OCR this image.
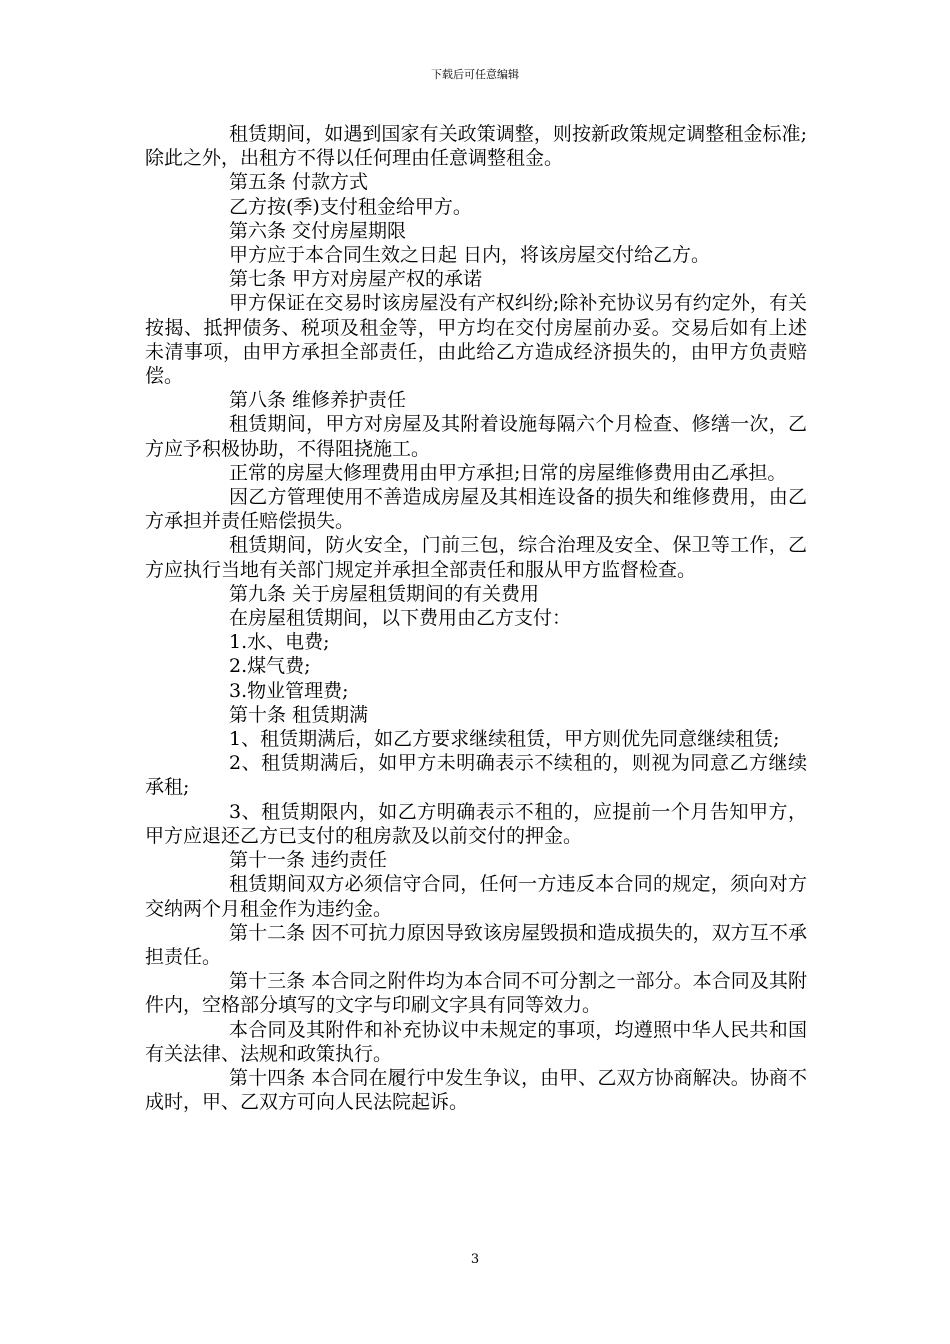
下载后可任意编辑

租赁期间，如遇到国家有关政策调整，则按新政策规定调整租金标准;除此之外，出租方不得以任何理由任意调整租金。

第五条 付款方式

乙方按(季)支付租金给甲方。

第六条 交付房屋期限

甲方应于本合同生效之日起 日内，将该房屋交付给乙方。

第七条 甲方对房屋产权的承诺

甲方保证在交易时该房屋没有产权纠纷;除补充协议另有约定外，有关按揭、抵押债务、税项及租金等，甲方均在交付房屋前办妥。交易后如有上述未清事项，由甲方承担全部责任，由此给乙方造成经济损失的，由甲方负责赔偿。

第八条 维修养护责任

租赁期间，甲方对房屋及其附着设施每隔六个月检查、修缮一次，乙方应予积极协助，不得阻挠施工。

正常的房屋大修理费用由甲方承担;日常的房屋维修费用由乙承担。

因乙方管理使用不善造成房屋及其相连设备的损失和维修费用，由乙方承担并责任赔偿损失。

租赁期间，防火安全，门前三包，综合治理及安全、保卫等工作，乙方应执行当地有关部门规定并承担全部责任和服从甲方监督检查。

第九条 关于房屋租赁期间的有关费用

在房屋租赁期间，以下费用由乙方支付：

1.水、电费;

2.煤气费;

3.物业管理费;

第十条 租赁期满

1、租赁期满后，如乙方要求继续租赁，甲方则优先同意继续租赁;

2、租赁期满后，如甲方未明确表示不续租的，则视为同意乙方继续承租;

3、租赁期限内，如乙方明确表示不租的，应提前一个月告知甲方，甲方应退还乙方已支付的租房款及以前交付的押金。

第十一条 违约责任

租赁期间双方必须信守合同，任何一方违反本合同的规定，须向对方交纳两个月租金作为违约金。

第十二条 因不可抗力原因导致该房屋毁损和造成损失的，双方互不承担责任。

第十三条 本合同之附件均为本合同不可分割之一部分。本合同及其附件内，空格部分填写的文字与印刷文字具有同等效力。

本合同及其附件和补充协议中未规定的事项，均遵照中华人民共和国有关法律、法规和政策执行。

第十四条 本合同在履行中发生争议，由甲、乙双方协商解决。协商不成时，甲、乙双方可向人民法院起诉。

3
